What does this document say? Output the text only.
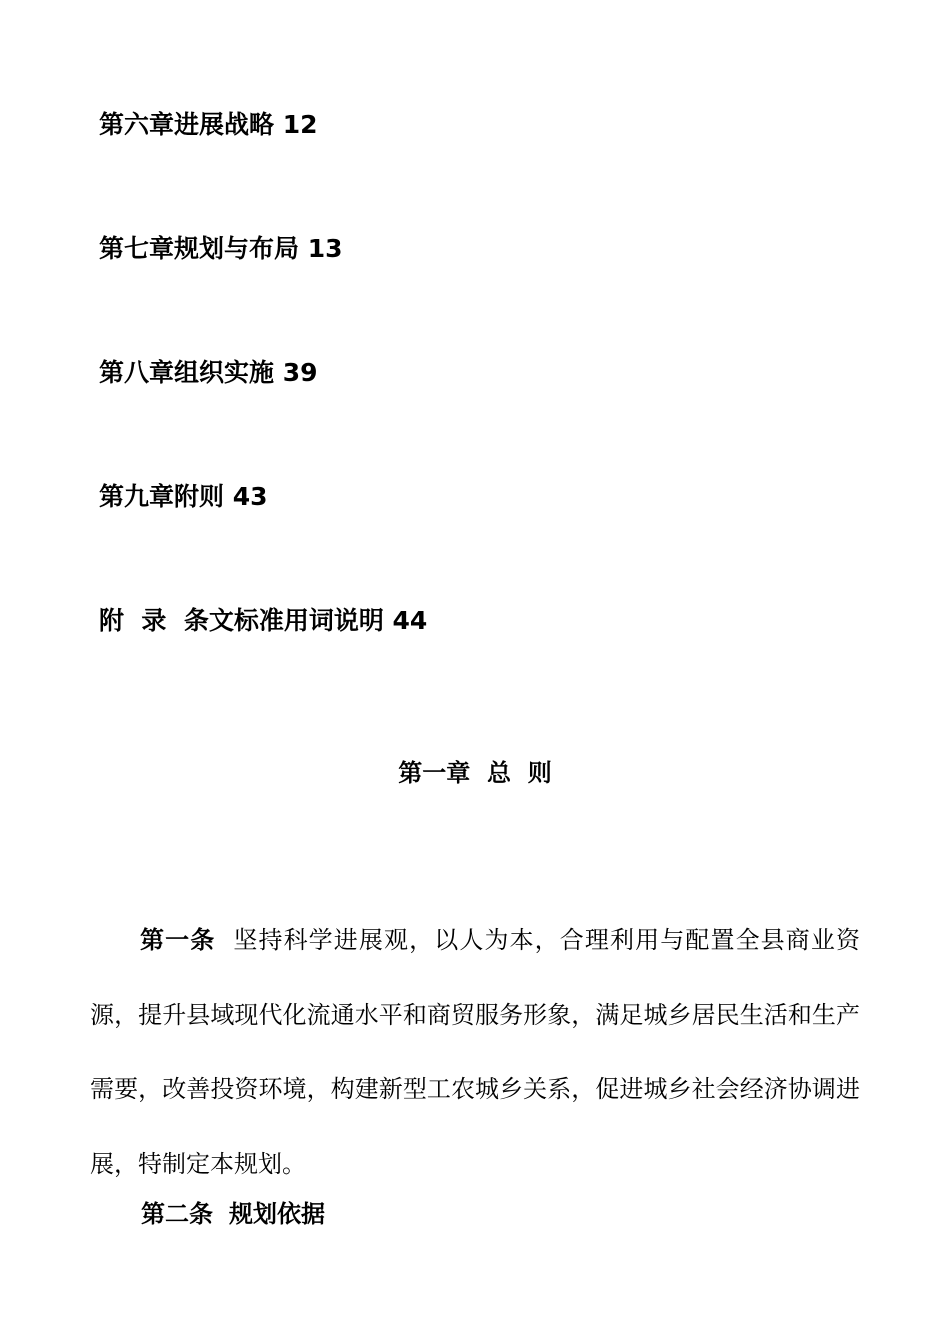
第六章进展战略 12
第七章规划与布局 13
第八章组织实施 39
第九章附则 43
附  录  条文标准用词说明 44
第一章  总  则

第一条 坚持科学进展观，以人为本，合理利用与配置全县商业资源，提升县域现代化流通水平和商贸服务形象，满足城乡居民生活和生产需要，改善投资环境，构建新型工农城乡关系，促进城乡社会经济协调进展，特制定本规划。

第二条 规划依据
